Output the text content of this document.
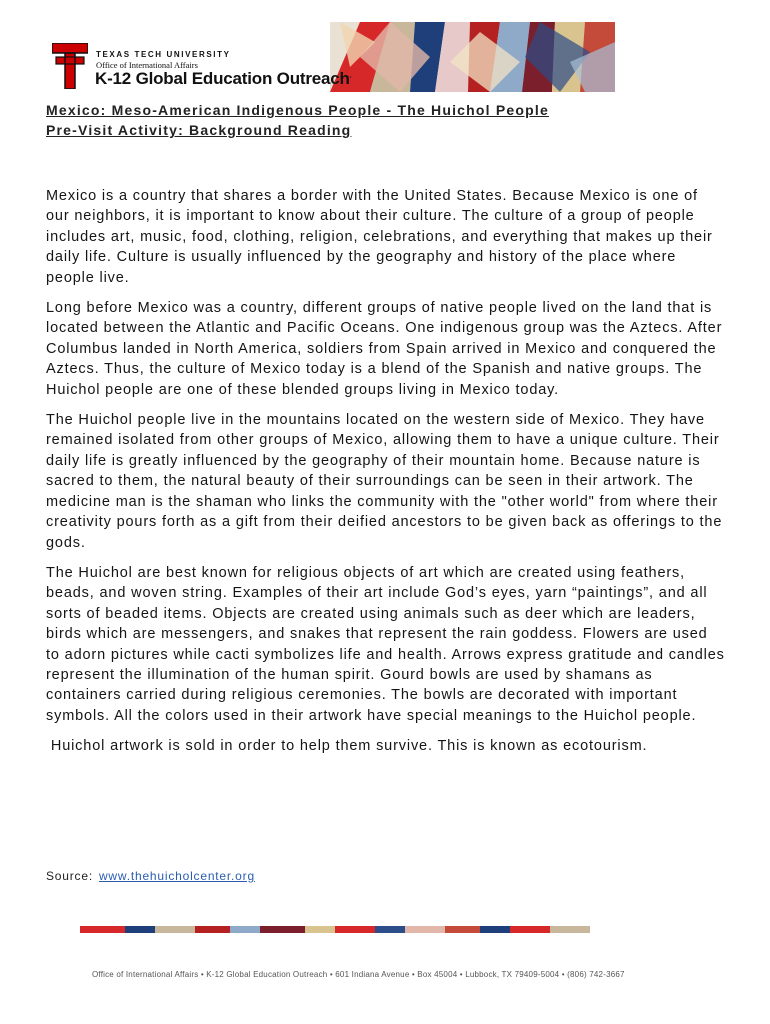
TEXAS TECH UNIVERSITY
Office of International Affairs
K-12 Global Education Outreach.
Mexico: Meso-American Indigenous People - The Huichol People
Pre-Visit Activity: Background Reading

Mexico is a country that shares a border with the United States. Because Mexico is one of our neighbors, it is important to know about their culture. The culture of a group of people includes art, music, food, clothing, religion, celebrations, and everything that makes up their daily life. Culture is usually influenced by the geography and history of the place where people live.

Long before Mexico was a country, different groups of native people lived on the land that is located between the Atlantic and Pacific Oceans. One indigenous group was the Aztecs. After Columbus landed in North America, soldiers from Spain arrived in Mexico and conquered the Aztecs. Thus, the culture of Mexico today is a blend of the Spanish and native groups. The Huichol people are one of these blended groups living in Mexico today.

The Huichol people live in the mountains located on the western side of Mexico. They have remained isolated from other groups of Mexico, allowing them to have a unique culture. Their daily life is greatly influenced by the geography of their mountain home. Because nature is sacred to them, the natural beauty of their surroundings can be seen in their artwork. The medicine man is the shaman who links the community with the "other world" from where their creativity pours forth as a gift from their deified ancestors to be given back as offerings to the gods.

The Huichol are best known for religious objects of art which are created using feathers, beads, and woven string. Examples of their art include God’s eyes, yarn “paintings”, and all sorts of beaded items. Objects are created using animals such as deer which are leaders, birds which are messengers, and snakes that represent the rain goddess. Flowers are used to adorn pictures while cacti symbolizes life and health. Arrows express gratitude and candles represent the illumination of the human spirit. Gourd bowls are used by shamans as containers carried during religious ceremonies. The bowls are decorated with important symbols. All the colors used in their artwork have special meanings to the Huichol people.

Huichol artwork is sold in order to help them survive. This is known as ecotourism.

Source: www.thehuicholcenter.org
Office of International Affairs • K-12 Global Education Outreach • 601 Indiana Avenue • Box 45004 • Lubbock, TX 79409-5004 • (806) 742-3667
